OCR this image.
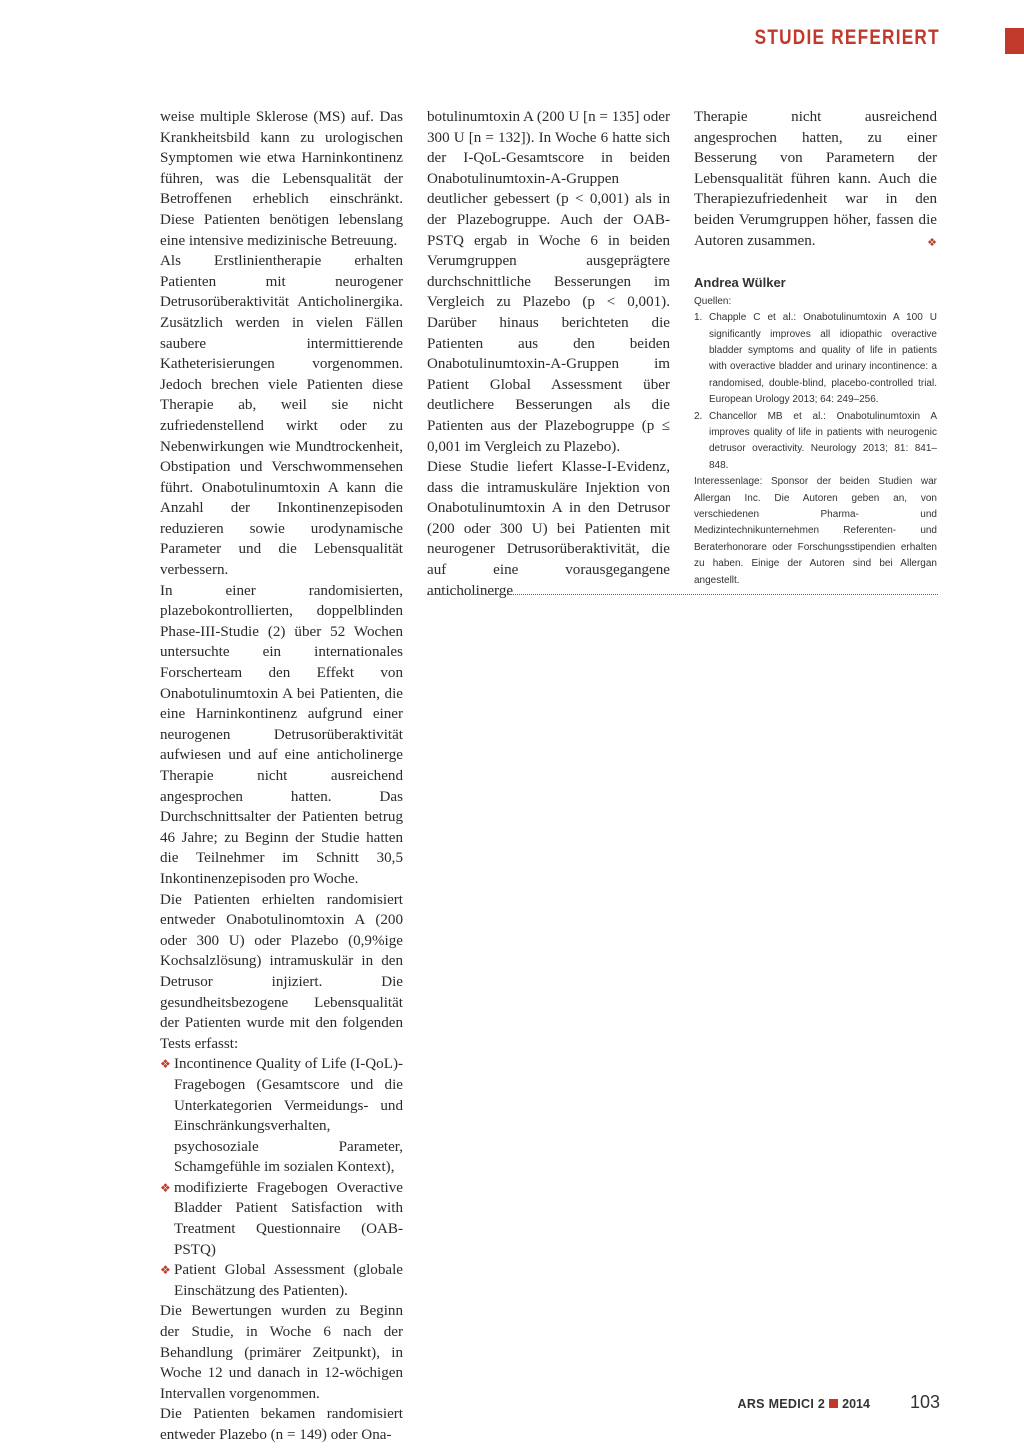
STUDIE REFERIERT

weise multiple Sklerose (MS) auf. Das Krankheitsbild kann zu urologischen Symptomen wie etwa Harninkontinenz führen, was die Lebensqualität der Betroffenen erheblich einschränkt. Diese Patienten benötigen lebenslang eine intensive medizinische Betreuung.

Als Erstlinientherapie erhalten Patienten mit neurogener Detrusorüberaktivität Anticholinergika. Zusätzlich werden in vielen Fällen saubere intermittierende Katheterisierungen vorgenommen. Jedoch brechen viele Patienten diese Therapie ab, weil sie nicht zufriedenstellend wirkt oder zu Nebenwirkungen wie Mundtrockenheit, Obstipation und Verschwommensehen führt. Onabotulinumtoxin A kann die Anzahl der Inkontinenzepisoden reduzieren sowie urodynamische Parameter und die Lebensqualität verbessern.

In einer randomisierten, plazebokontrollierten, doppelblinden Phase-III-Studie (2) über 52 Wochen untersuchte ein internationales Forscherteam den Effekt von Onabotulinumtoxin A bei Patienten, die eine Harninkontinenz aufgrund einer neurogenen Detrusorüberaktivität aufwiesen und auf eine anticholinerge Therapie nicht ausreichend angesprochen hatten. Das Durchschnittsalter der Patienten betrug 46 Jahre; zu Beginn der Studie hatten die Teilnehmer im Schnitt 30,5 Inkontinenzepisoden pro Woche.

Die Patienten erhielten randomisiert entweder Onabotulinomtoxin A (200 oder 300 U) oder Plazebo (0,9%ige Kochsalzlösung) intramuskulär in den Detrusor injiziert. Die gesundheitsbezogene Lebensqualität der Patienten wurde mit den folgenden Tests erfasst:

❖ Incontinence Quality of Life (I-QoL)-Fragebogen (Gesamtscore und die Unterkategorien Vermeidungs- und Einschränkungsverhalten, psychosoziale Parameter, Schamgefühle im sozialen Kontext),
❖ modifizierte Fragebogen Overactive Bladder Patient Satisfaction with Treatment Questionnaire (OAB-PSTQ)
❖ Patient Global Assessment (globale Einschätzung des Patienten).

Die Bewertungen wurden zu Beginn der Studie, in Woche 6 nach der Behandlung (primärer Zeitpunkt), in Woche 12 und danach in 12-wöchigen Intervallen vorgenommen.

Die Patienten bekamen randomisiert entweder Plazebo (n = 149) oder Ona-

botulinumtoxin A (200 U [n = 135] oder 300 U [n = 132]). In Woche 6 hatte sich der I-QoL-Gesamtscore in beiden Onabotulinumtoxin-A-Gruppen deutlicher gebessert (p < 0,001) als in der Plazebogruppe. Auch der OAB-PSTQ ergab in Woche 6 in beiden Verumgruppen ausgeprägtere durchschnittliche Besserungen im Vergleich zu Plazebo (p < 0,001). Darüber hinaus berichteten die Patienten aus den beiden Onabotulinumtoxin-A-Gruppen im Patient Global Assessment über deutlichere Besserungen als die Patienten aus der Plazebogruppe (p ≤ 0,001 im Vergleich zu Plazebo).

Diese Studie liefert Klasse-I-Evidenz, dass die intramuskuläre Injektion von Onabotulinumtoxin A in den Detrusor (200 oder 300 U) bei Patienten mit neurogener Detrusorüberaktivität, die auf eine vorausgegangene anticholinerge

Therapie nicht ausreichend angesprochen hatten, zu einer Besserung von Parametern der Lebensqualität führen kann. Auch die Therapiezufriedenheit war in den beiden Verumgruppen höher, fassen die Autoren zusammen.	❖

Andrea Wülker

Quellen:

1. Chapple C et al.: Onabotulinumtoxin A 100 U significantly improves all idiopathic overactive bladder symptoms and quality of life in patients with overactive bladder and urinary incontinence: a randomised, double-blind, placebo-controlled trial. European Urology 2013; 64: 249–256.
2. Chancellor MB et al.: Onabotulinumtoxin A improves quality of life in patients with neurogenic detrusor overactivity. Neurology 2013; 81: 841–848.

Interessenlage: Sponsor der beiden Studien war Allergan Inc. Die Autoren geben an, von verschiedenen Pharma- und Medizintechnikunternehmen Referenten- und Beraterhonorare oder Forschungsstipendien erhalten zu haben. Einige der Autoren sind bei Allergan angestellt.

ARS MEDICI 2 2014 103
